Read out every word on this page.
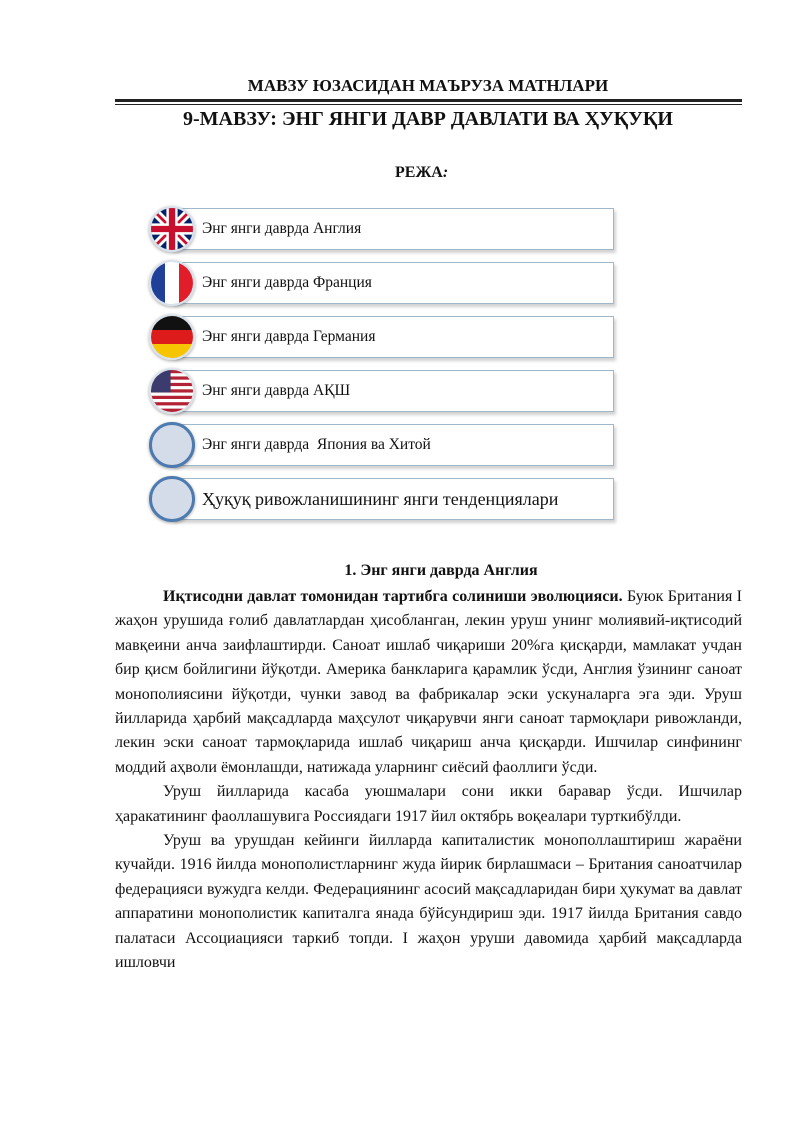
МАВЗУ ЮЗАСИДАН МАЪРУЗА МАТНЛАРИ
9-МАВЗУ: ЭНГ ЯНГИ ДАВР ДАВЛАТИ ВА ҲУҚУҚИ
РЕЖА:
Энг янги даврда Англия
Энг янги даврда Франция
Энг янги даврда Германия
Энг янги даврда АҚШ
Энг янги даврда  Япония ва Хитой
Ҳуқуқ ривожланишининг янги тенденциялари
1. Энг янги даврда Англия

Иқтисодни давлат томонидан тартибга солиниши эволюцияси. Буюк Британия I жаҳон урушида ғолиб давлатлардан ҳисобланган, лекин уруш унинг молиявий-иқтисодий мавқеини анча заифлаштирди. Саноат ишлаб чиқариши 20%га қисқарди, мамлакат учдан бир қисм бойлигини йўқотди. Америка банкларига қарамлик ўсди, Англия ўзининг саноат монополиясини йўқотди, чунки завод ва фабрикалар эски ускуналарга эга эди. Уруш йилларида ҳарбий мақсадларда маҳсулот чиқарувчи янги саноат тармоқлари ривожланди, лекин эски саноат тармоқларида ишлаб чиқариш анча қисқарди. Ишчилар синфининг моддий аҳволи ёмонлашди, натижада уларнинг сиёсий фаоллиги ўсди.

Уруш йилларида касаба уюшмалари сони икки баравар ўсди. Ишчилар ҳаракатининг фаоллашувига Россиядаги 1917 йил октябрь воқеалари турткибўлди.

Уруш ва урушдан кейинги йилларда капиталистик монополлаштириш жараёни кучайди. 1916 йилда монополистларнинг жуда йирик бирлашмаси – Британия саноатчилар федерацияси вужудга келди. Федерациянинг асосий мақсадларидан бири ҳукумат ва давлат аппаратини монополистик капиталга янада бўйсундириш эди. 1917 йилда Британия савдо палатаси Ассоциацияси таркиб топди. I жаҳон уруши давомида ҳарбий мақсадларда ишловчи
